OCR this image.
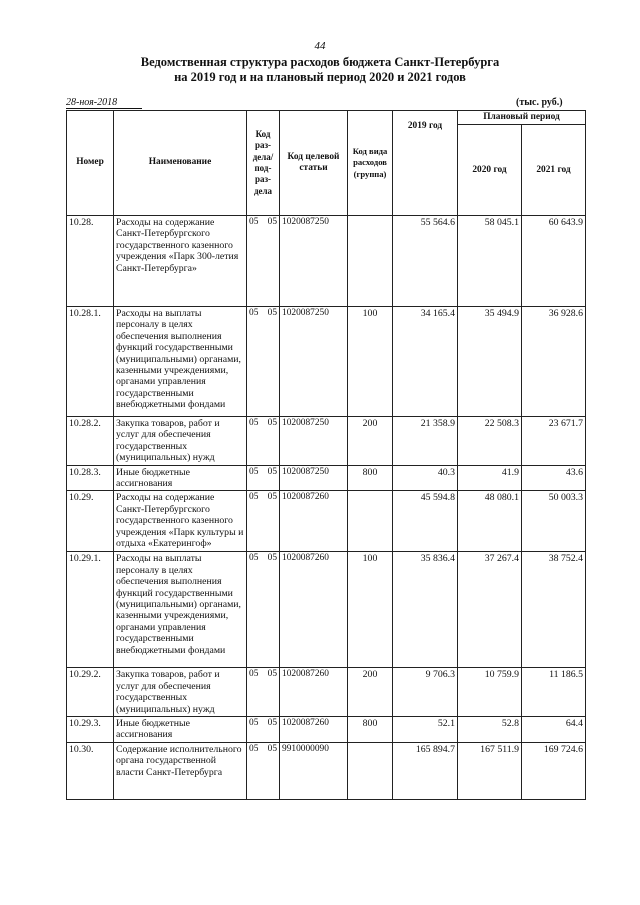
44
Ведомственная структура расходов бюджета Санкт-Петербурга
на 2019 год и на плановый период 2020 и 2021 годов
28-ноя-2018	(тыс. руб.)
Номер	Наименование	Код раз- дела/ под- раз- дела	Код целевой статьи	Код вида расходов (группа)	2019 год	Плановый период	
						2020 год	2021 год
10.28.	Расходы на содержание Санкт-Петербургского государственного казенного учреждения «Парк 300-летия Санкт-Петербурга»	05 05	1020087250		55 564.6	58 045.1	60 643.9
10.28.1.	Расходы на выплаты персоналу в целях обеспечения выполнения функций государственными (муниципальными) органами, казенными учреждениями, органами управления государственными внебюджетными фондами	05 05	1020087250	100	34 165.4	35 494.9	36 928.6
10.28.2.	Закупка товаров, работ и услуг для обеспечения государственных (муниципальных) нужд	05 05	1020087250	200	21 358.9	22 508.3	23 671.7
10.28.3.	Иные бюджетные ассигнования	05 05	1020087250	800	40.3	41.9	43.6
10.29.	Расходы на содержание Санкт-Петербургского государственного казенного учреждения «Парк культуры и отдыха «Екатерингоф»	05 05	1020087260		45 594.8	48 080.1	50 003.3
10.29.1.	Расходы на выплаты персоналу в целях обеспечения выполнения функций государственными (муниципальными) органами, казенными учреждениями, органами управления государственными внебюджетными фондами	05 05	1020087260	100	35 836.4	37 267.4	38 752.4
10.29.2.	Закупка товаров, работ и услуг для обеспечения государственных (муниципальных) нужд	05 05	1020087260	200	9 706.3	10 759.9	11 186.5
10.29.3.	Иные бюджетные ассигнования	05 05	1020087260	800	52.1	52.8	64.4
10.30.	Содержание исполнительного органа государственной власти Санкт-Петербурга	05 05	9910000090		165 894.7	167 511.9	169 724.6
